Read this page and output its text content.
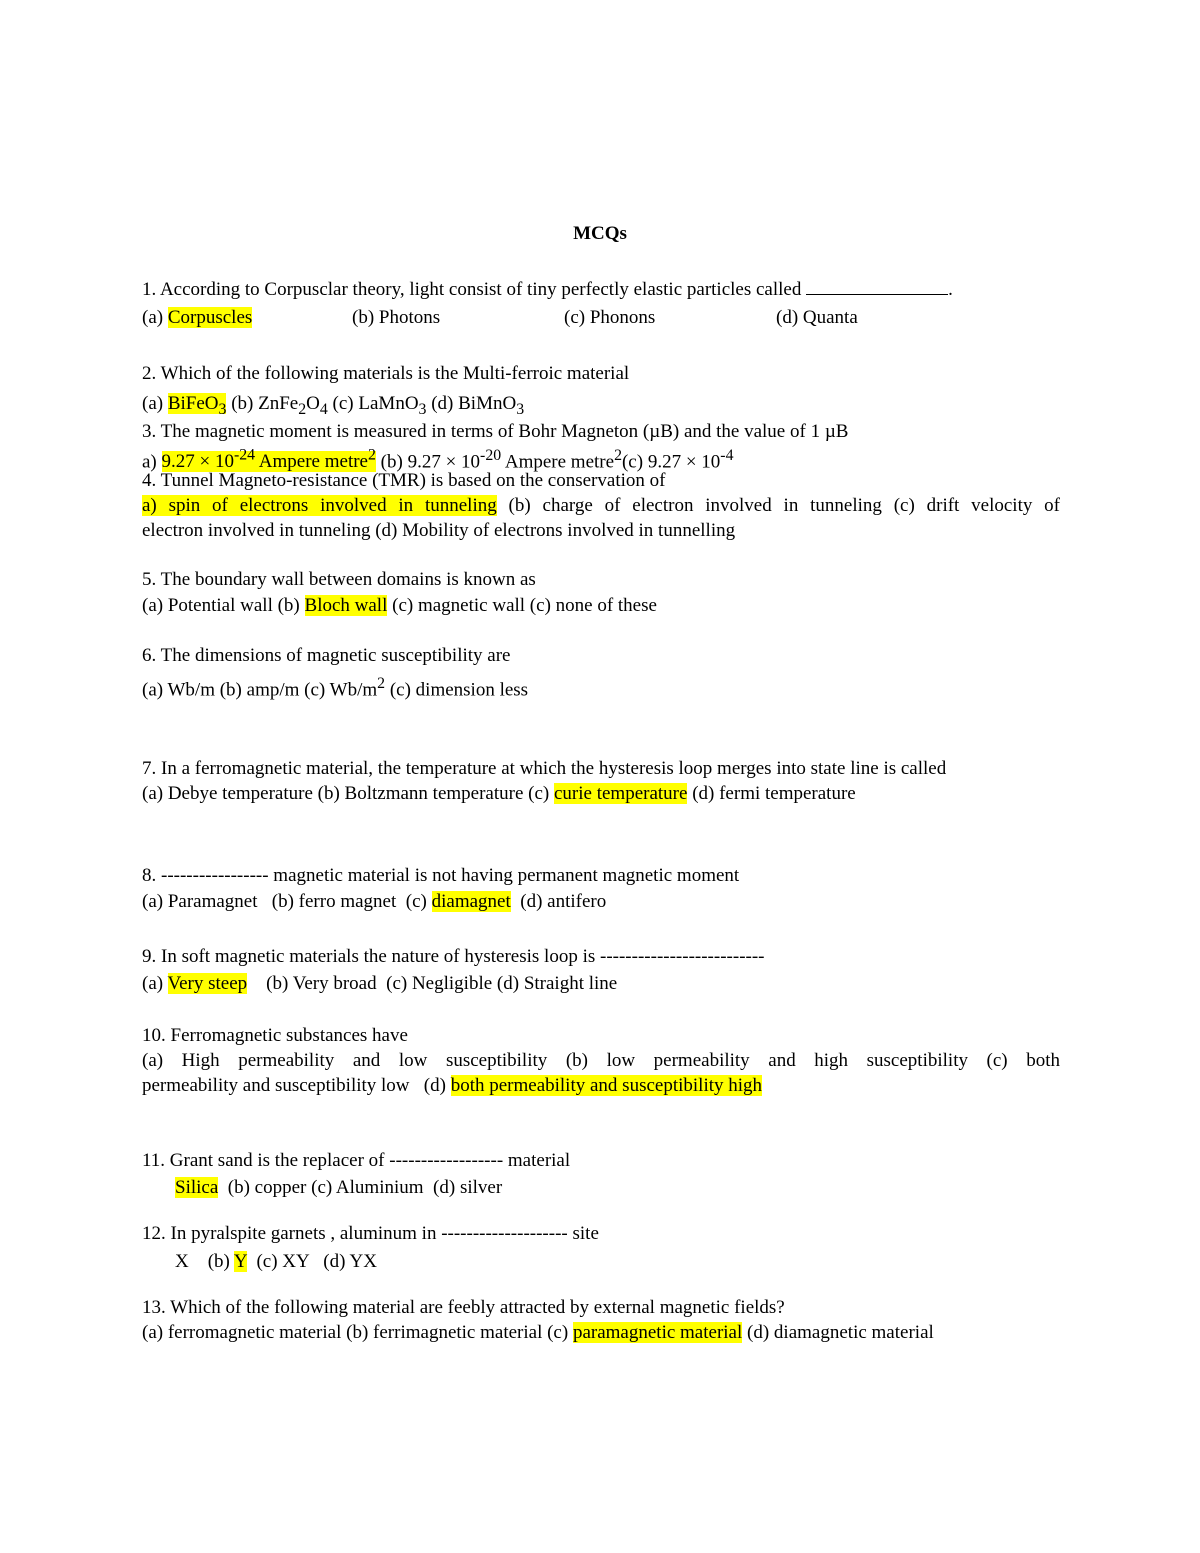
MCQs
1. According to Corpusclar theory, light consist of tiny perfectly elastic particles called	.
(a) Corpuscles	(b) Photons	(c) Phonons	(d) Quanta
2. Which of the following materials is the Multi-ferroic material
(a) BiFeO$_3$ (b) $ZnFe_2O_4$ (c) LaMnO$_3$ (d) BiMnO$_3$
3. The magnetic moment is measured in terms of Bohr Magneton (µB) and the value of 1 µB
a) $9.27 \times 10^{-24}$ Ampere metre$^2$ (b) $9.27 \times 10^{-20}$ Ampere metre$^2$(c) $9.27 \times 10^{-4}$
4. Tunnel Magneto-resistance (TMR) is based on the conservation of
a) spin of electrons involved in tunneling (b) charge of electron involved in tunneling (c) drift velocity of
electron involved in tunneling (d) Mobility of electrons involved in tunnelling
5. The boundary wall between domains is known as
(a) Potential wall (b) Bloch wall (c) magnetic wall (c) none of these
6. The dimensions of magnetic susceptibility are
(a) Wb/m (b) amp/m (c) $Wb/m^2$ (c) dimension less
7. In a ferromagnetic material, the temperature at which the hysteresis loop merges into state line is called
(a) Debye temperature (b) Boltzmann temperature (c) curie temperature (d) fermi temperature
8. ----------------- magnetic material is not having permanent magnetic moment
(a) Paramagnet   (b) ferro magnet  (c) diamagnet  (d) antifero
9. In soft magnetic materials the nature of hysteresis loop is --------------------------
(a) Very steep    (b) Very broad  (c) Negligible (d) Straight line
10. Ferromagnetic substances have
(a) High permeability and low susceptibility (b) low permeability and high susceptibility (c) both
permeability and susceptibility low   (d) both permeability and susceptibility high
11. Grant sand is the replacer of ------------------ material
Silica  (b) copper (c) Aluminium  (d) silver
12. In pyralspite garnets , aluminum in -------------------- site
X    (b) Y  (c) XY   (d) YX
13. Which of the following material are feebly attracted by external magnetic fields?
(a) ferromagnetic material (b) ferrimagnetic material (c) paramagnetic material (d) diamagnetic material
